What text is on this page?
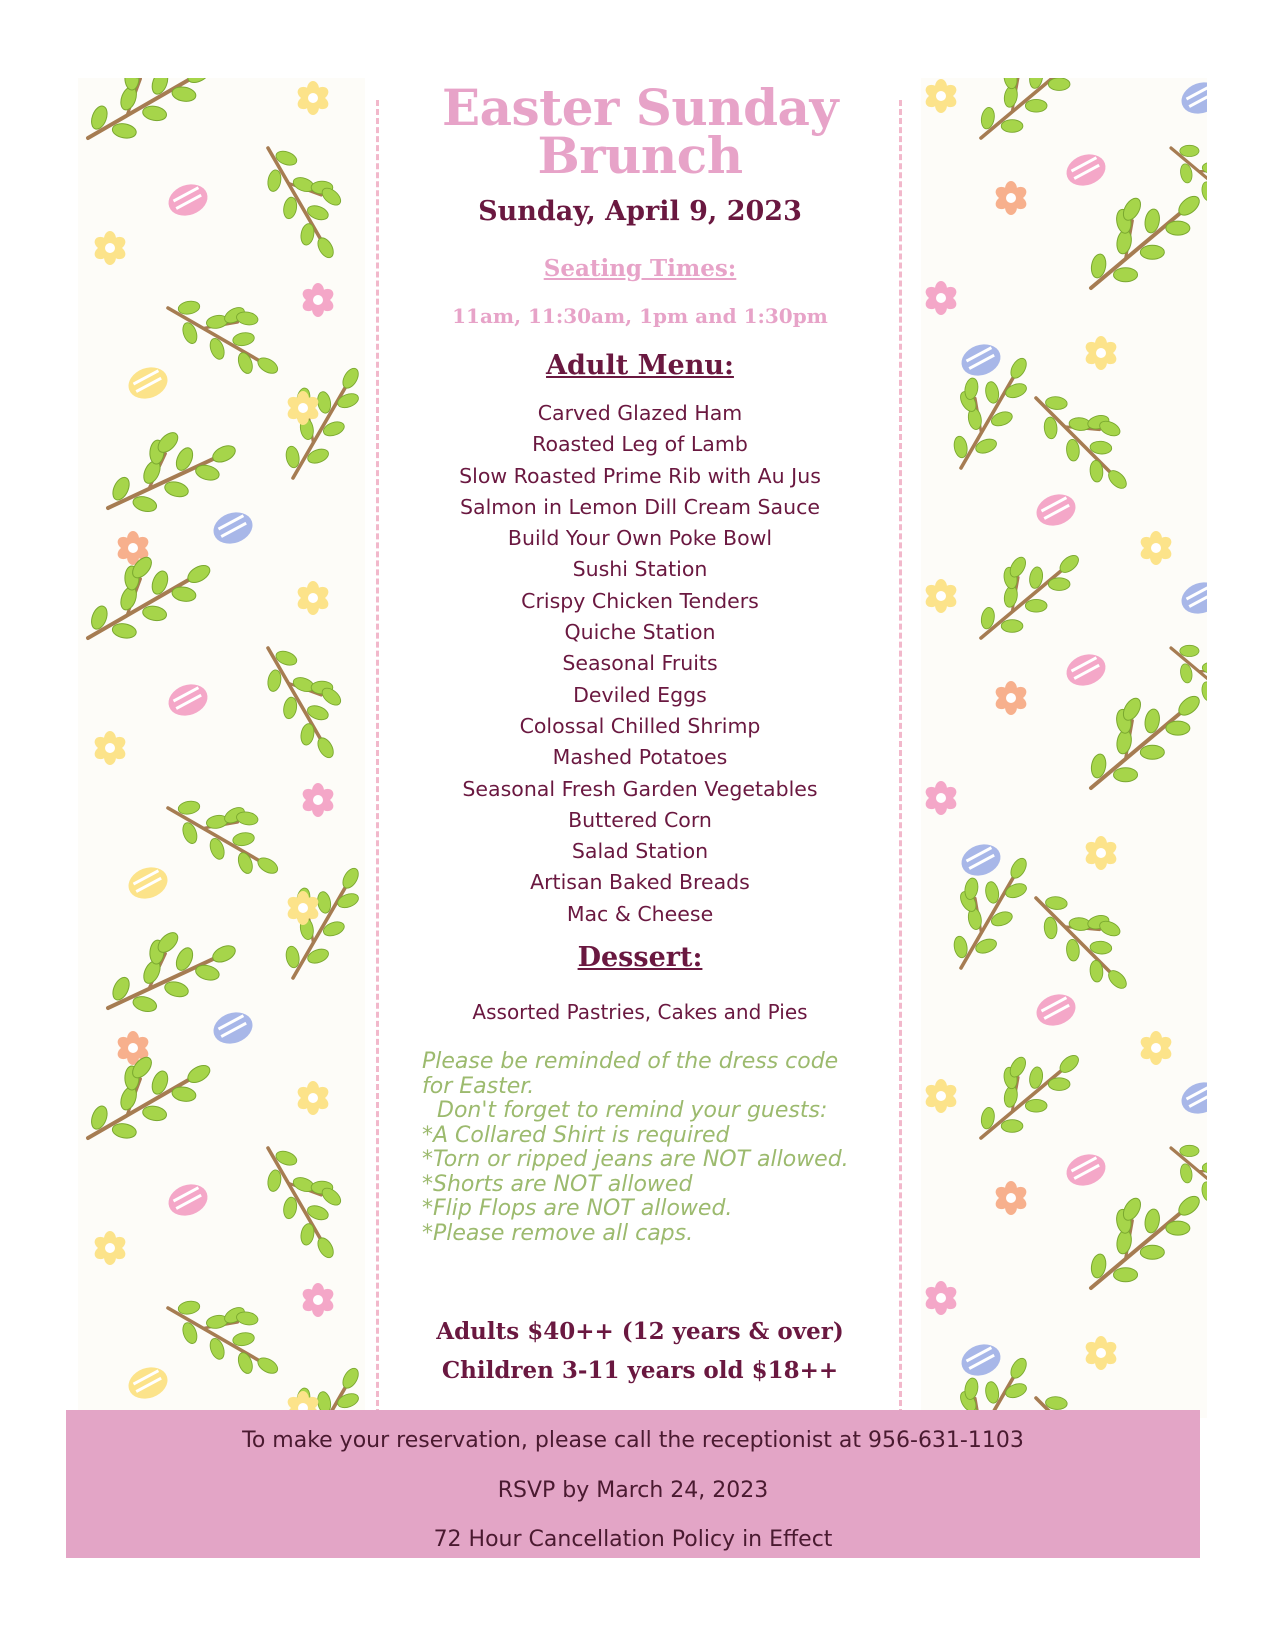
Easter Sunday
Brunch
Sunday, April 9, 2023
Seating Times:
11am, 11:30am, 1pm and 1:30pm
Adult Menu:
Carved Glazed Ham
Roasted Leg of Lamb
Slow Roasted Prime Rib with Au Jus
Salmon in Lemon Dill Cream Sauce
Build Your Own Poke Bowl
Sushi Station
Crispy Chicken Tenders
Quiche Station
Seasonal Fruits
Deviled Eggs
Colossal Chilled Shrimp
Mashed Potatoes
Seasonal Fresh Garden Vegetables
Buttered Corn
Salad Station
Artisan Baked Breads
Mac & Cheese
Dessert:
Assorted Pastries, Cakes and Pies
Please be reminded of the dress code
for Easter.
Don't forget to remind your guests:
*A Collared Shirt is required
*Torn or ripped jeans are NOT allowed.
*Shorts are NOT allowed
*Flip Flops are NOT allowed.
*Please remove all caps.
Adults $40++ (12 years & over)
Children 3-11 years old $18++
To make your reservation, please call the receptionist at 956-631-1103
RSVP by March 24, 2023
72 Hour Cancellation Policy in Effect
